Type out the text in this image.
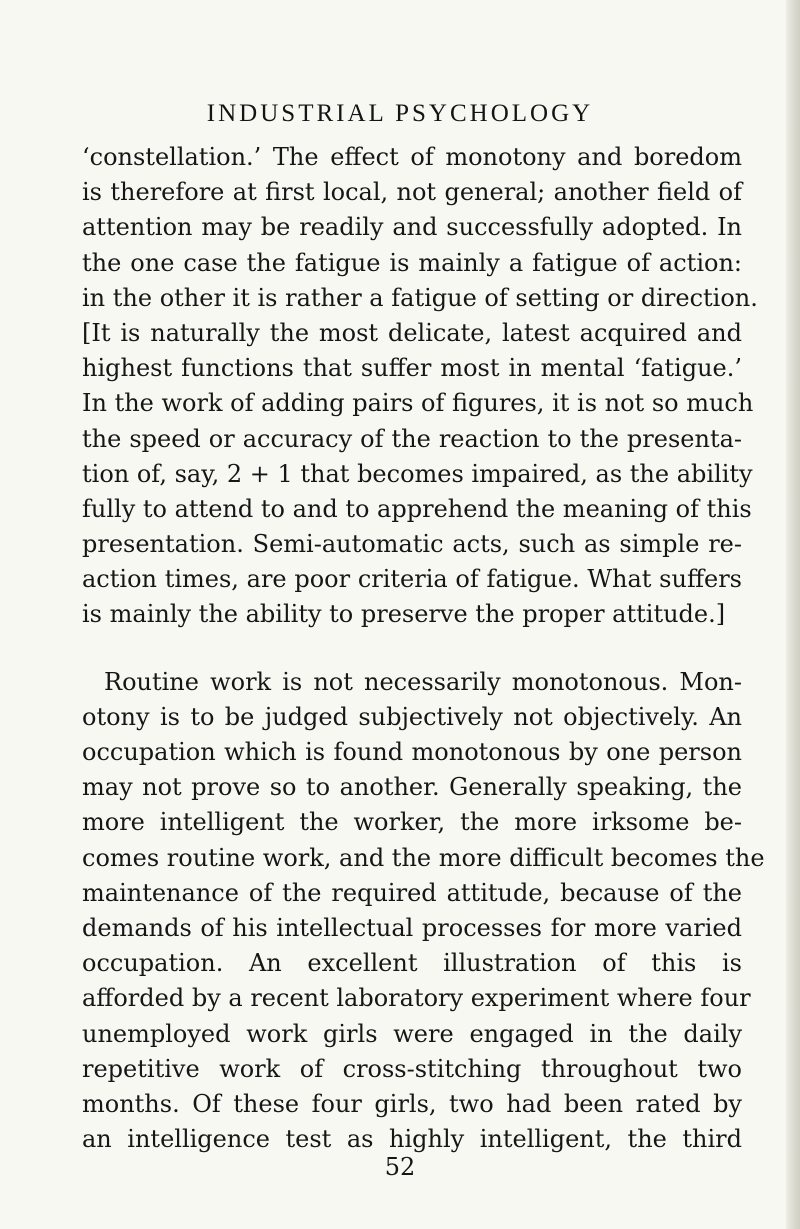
INDUSTRIAL PSYCHOLOGY

‘constellation.’ The effect of monotony and boredom
is therefore at first local, not general; another field of
attention may be readily and successfully adopted. In
the one case the fatigue is mainly a fatigue of action:
in the other it is rather a fatigue of setting or direction.
[It is naturally the most delicate, latest acquired and
highest functions that suffer most in mental ‘fatigue.’
In the work of adding pairs of figures, it is not so much
the speed or accuracy of the reaction to the presenta-
tion of, say, 2 + 1 that becomes impaired, as the ability
fully to attend to and to apprehend the meaning of this
presentation. Semi-automatic acts, such as simple re-
action times, are poor criteria of fatigue. What suffers
is mainly the ability to preserve the proper attitude.]

Routine work is not necessarily monotonous. Mon-
otony is to be judged subjectively not objectively. An
occupation which is found monotonous by one person
may not prove so to another. Generally speaking, the
more intelligent the worker, the more irksome be-
comes routine work, and the more difficult becomes the
maintenance of the required attitude, because of the
demands of his intellectual processes for more varied
occupation. An excellent illustration of this is
afforded by a recent laboratory experiment where four
unemployed work girls were engaged in the daily
repetitive work of cross-stitching throughout two
months. Of these four girls, two had been rated by
an intelligence test as highly intelligent, the third

52
